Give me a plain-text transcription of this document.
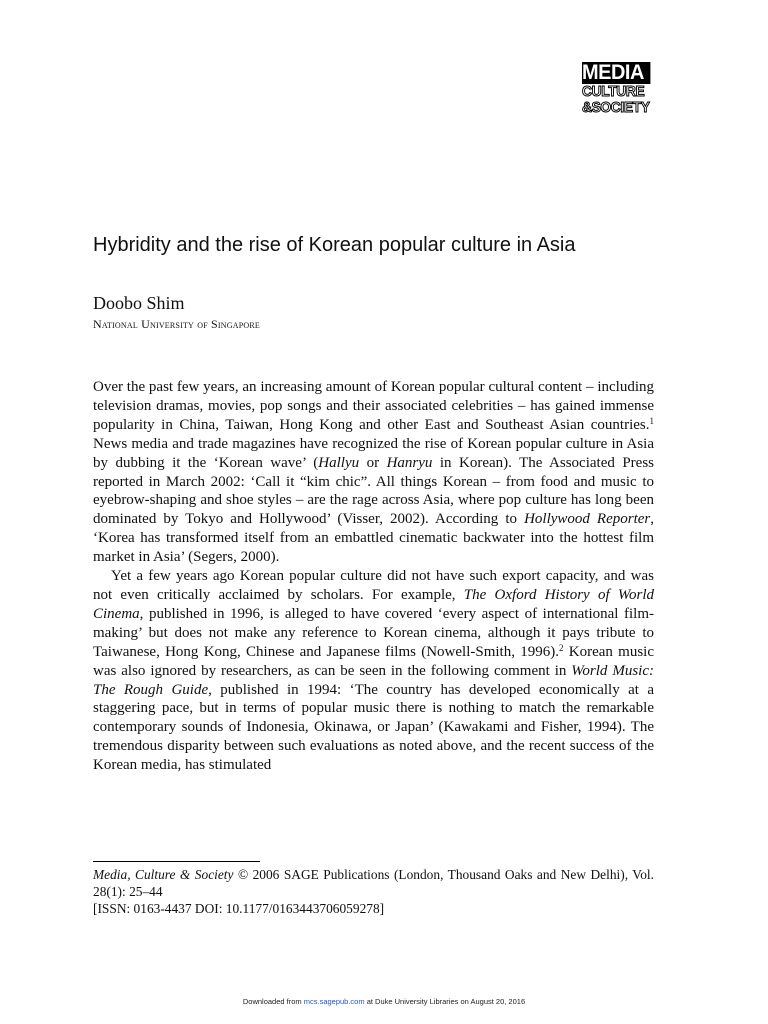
MEDIA
CULTURE
&SOCIETY
Hybridity and the rise of Korean popular culture in Asia
Doobo Shim
National University of Singapore

Over the past few years, an increasing amount of Korean popular cultural content – including television dramas, movies, pop songs and their associated celebrities – has gained immense popularity in China, Taiwan, Hong Kong and other East and Southeast Asian countries.$^1$ News media and trade magazines have recognized the rise of Korean popular culture in Asia by dubbing it the ‘Korean wave’ (Hallyu or Hanryu in Korean). The Associated Press reported in March 2002: ‘Call it “kim chic”. All things Korean – from food and music to eyebrow-shaping and shoe styles – are the rage across Asia, where pop culture has long been dominated by Tokyo and Hollywood’ (Visser, 2002). According to Hollywood Reporter, ‘Korea has transformed itself from an embattled cinematic backwater into the hottest film market in Asia’ (Segers, 2000).

Yet a few years ago Korean popular culture did not have such export capacity, and was not even critically acclaimed by scholars. For example, The Oxford History of World Cinema, published in 1996, is alleged to have covered ‘every aspect of international film-making’ but does not make any reference to Korean cinema, although it pays tribute to Taiwanese, Hong Kong, Chinese and Japanese films (Nowell-Smith, 1996).$^2$ Korean music was also ignored by researchers, as can be seen in the following comment in World Music: The Rough Guide, published in 1994: ‘The country has developed economically at a staggering pace, but in terms of popular music there is nothing to match the remarkable contemporary sounds of Indonesia, Okinawa, or Japan’ (Kawakami and Fisher, 1994). The tremendous disparity between such evaluations as noted above, and the recent success of the Korean media, has stimulated

Media, Culture & Society © 2006 SAGE Publications (London, Thousand Oaks and New Delhi), Vol. 28(1): 25–44
[ISSN: 0163-4437 DOI: 10.1177/0163443706059278]
Downloaded from mcs.sagepub.com at Duke University Libraries on August 20, 2016
